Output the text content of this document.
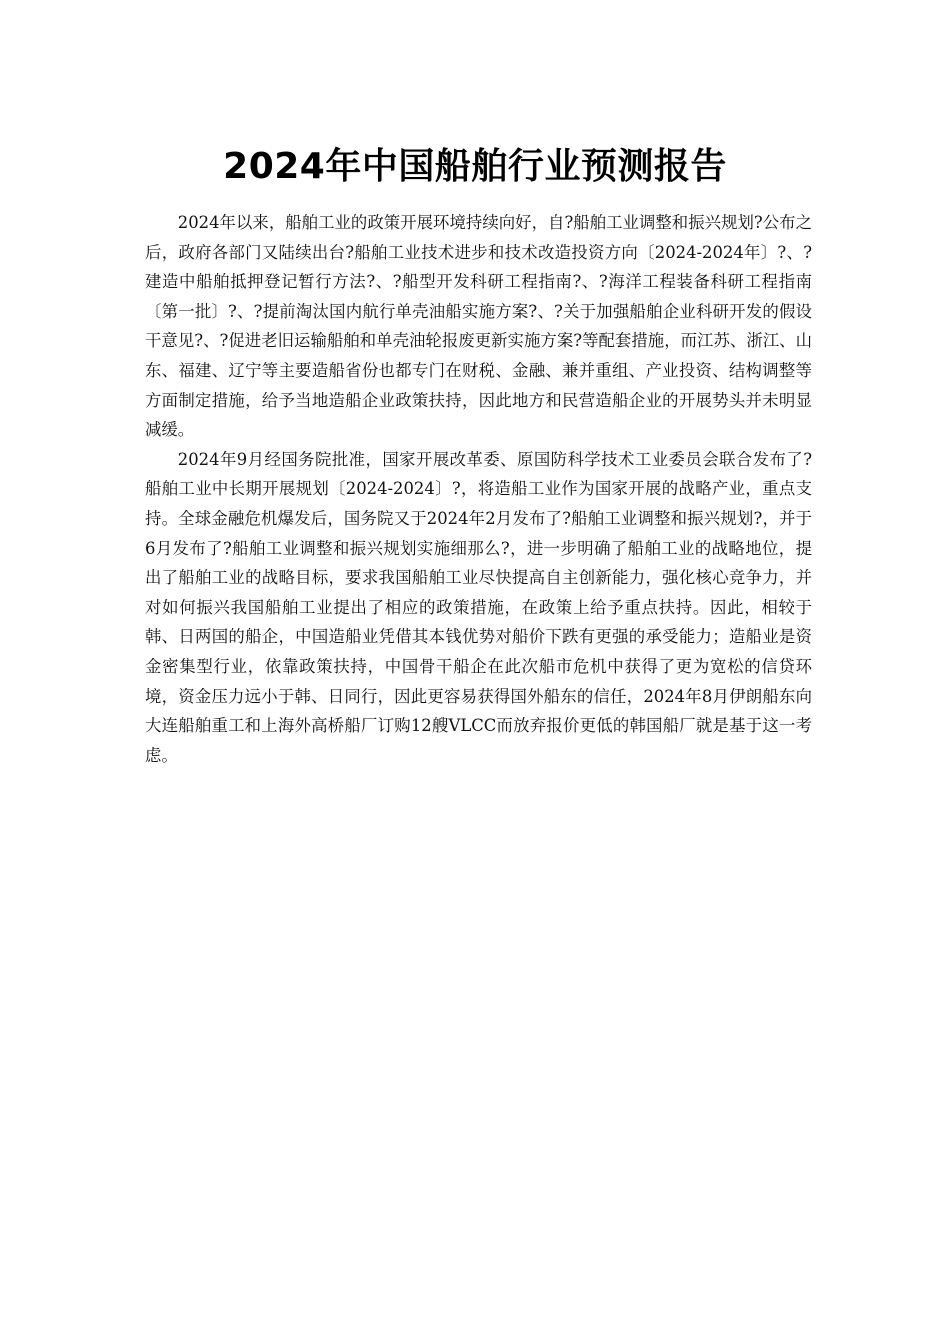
2024年中国船舶行业预测报告

2024年以来，船舶工业的政策开展环境持续向好，自?船舶工业调整和振兴规划?公布之后，政府各部门又陆续出台?船舶工业技术进步和技术改造投资方向〔2024-2024年〕?、?建造中船舶抵押登记暂行方法?、?船型开发科研工程指南?、?海洋工程装备科研工程指南〔第一批〕?、?提前淘汰国内航行单壳油船实施方案?、?关于加强船舶企业科研开发的假设干意见?、?促进老旧运输船舶和单壳油轮报废更新实施方案?等配套措施，而江苏、浙江、山东、福建、辽宁等主要造船省份也都专门在财税、金融、兼并重组、产业投资、结构调整等方面制定措施，给予当地造船企业政策扶持，因此地方和民营造船企业的开展势头并未明显减缓。

2024年9月经国务院批准，国家开展改革委、原国防科学技术工业委员会联合发布了?船舶工业中长期开展规划〔2024-2024〕?，将造船工业作为国家开展的战略产业，重点支持。全球金融危机爆发后，国务院又于2024年2月发布了?船舶工业调整和振兴规划?，并于6月发布了?船舶工业调整和振兴规划实施细那么?，进一步明确了船舶工业的战略地位，提出了船舶工业的战略目标，要求我国船舶工业尽快提高自主创新能力，强化核心竞争力，并对如何振兴我国船舶工业提出了相应的政策措施，在政策上给予重点扶持。因此，相较于韩、日两国的船企，中国造船业凭借其本钱优势对船价下跌有更强的承受能力；造船业是资金密集型行业，依靠政策扶持，中国骨干船企在此次船市危机中获得了更为宽松的信贷环境，资金压力远小于韩、日同行，因此更容易获得国外船东的信任，2024年8月伊朗船东向大连船舶重工和上海外高桥船厂订购12艘VLCC而放弃报价更低的韩国船厂就是基于这一考虑。
